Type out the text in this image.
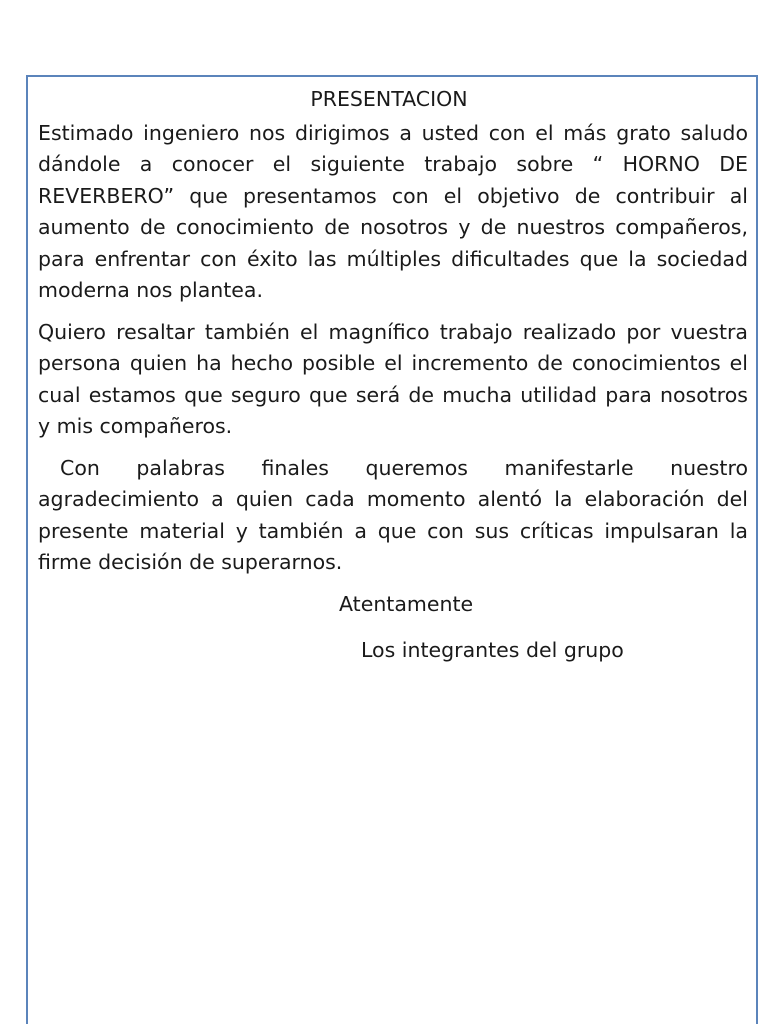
PRESENTACION

Estimado ingeniero nos dirigimos a usted con el más grato saludo dándole a conocer el siguiente trabajo sobre “ HORNO DE REVERBERO” que presentamos con el objetivo de contribuir al aumento de conocimiento de nosotros y de nuestros compañeros, para enfrentar con éxito las múltiples dificultades que la sociedad moderna nos plantea.

Quiero resaltar también el magnífico trabajo realizado por vuestra persona quien ha hecho posible el incremento de conocimientos el cual estamos que seguro que será de mucha utilidad para nosotros y mis compañeros.

Con palabras finales queremos manifestarle nuestro agradecimiento a quien cada momento alentó la elaboración del presente material y también a que con sus críticas impulsaran la firme decisión de superarnos.

Atentamente

Los integrantes del grupo
